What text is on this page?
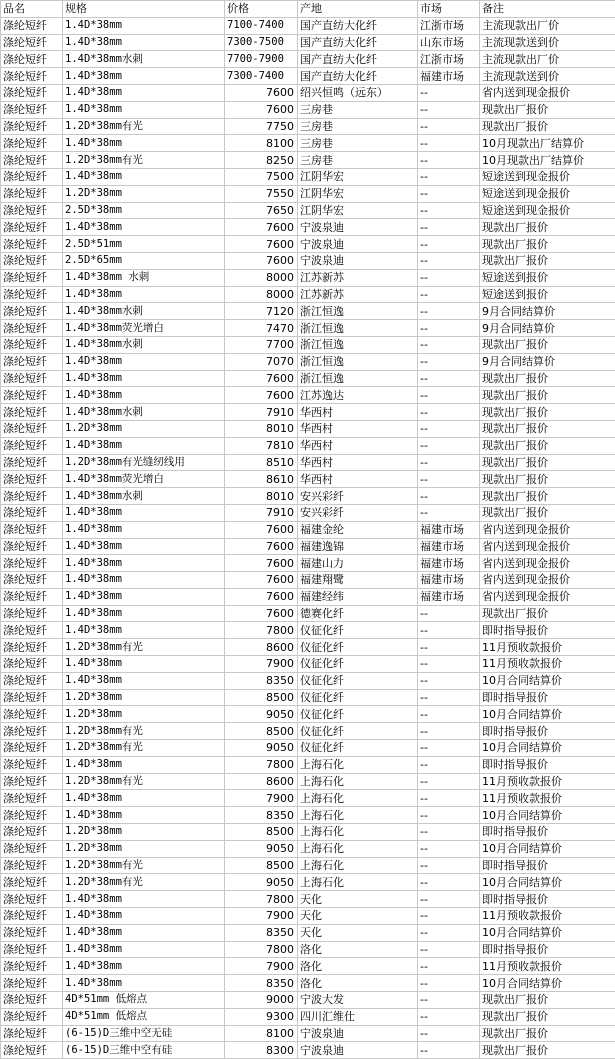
品名	规格	价格	产地	市场	备注
涤纶短纤	1.4D*38mm	7100-7400	国产直纺大化纤	江浙市场	主流现款出厂价
涤纶短纤	1.4D*38mm	7300-7500	国产直纺大化纤	山东市场	主流现款送到价
涤纶短纤	1.4D*38mm水刺	7700-7900	国产直纺大化纤	江浙市场	主流现款出厂价
涤纶短纤	1.4D*38mm	7300-7400	国产直纺大化纤	福建市场	主流现款送到价
涤纶短纤	1.4D*38mm	7600	绍兴恒鸣（远东）	--	省内送到现金报价
涤纶短纤	1.4D*38mm	7600	三房巷	--	现款出厂报价
涤纶短纤	1.2D*38mm有光	7750	三房巷	--	现款出厂报价
涤纶短纤	1.4D*38mm	8100	三房巷	--	10月现款出厂结算价
涤纶短纤	1.2D*38mm有光	8250	三房巷	--	10月现款出厂结算价
涤纶短纤	1.4D*38mm	7500	江阴华宏	--	短途送到现金报价
涤纶短纤	1.2D*38mm	7550	江阴华宏	--	短途送到现金报价
涤纶短纤	2.5D*38mm	7650	江阴华宏	--	短途送到现金报价
涤纶短纤	1.4D*38mm	7600	宁波泉迪	--	现款出厂报价
涤纶短纤	2.5D*51mm	7600	宁波泉迪	--	现款出厂报价
涤纶短纤	2.5D*65mm	7600	宁波泉迪	--	现款出厂报价
涤纶短纤	1.4D*38mm 水刺	8000	江苏新苏	--	短途送到报价
涤纶短纤	1.4D*38mm	8000	江苏新苏	--	短途送到报价
涤纶短纤	1.4D*38mm水刺	7120	浙江恒逸	--	9月合同结算价
涤纶短纤	1.4D*38mm荧光增白	7470	浙江恒逸	--	9月合同结算价
涤纶短纤	1.4D*38mm水刺	7700	浙江恒逸	--	现款出厂报价
涤纶短纤	1.4D*38mm	7070	浙江恒逸	--	9月合同结算价
涤纶短纤	1.4D*38mm	7600	浙江恒逸	--	现款出厂报价
涤纶短纤	1.4D*38mm	7600	江苏逸达	--	现款出厂报价
涤纶短纤	1.4D*38mm水刺	7910	华西村	--	现款出厂报价
涤纶短纤	1.2D*38mm	8010	华西村	--	现款出厂报价
涤纶短纤	1.4D*38mm	7810	华西村	--	现款出厂报价
涤纶短纤	1.2D*38mm有光缝纫线用	8510	华西村	--	现款出厂报价
涤纶短纤	1.4D*38mm荧光增白	8610	华西村	--	现款出厂报价
涤纶短纤	1.4D*38mm水刺	8010	安兴彩纤	--	现款出厂报价
涤纶短纤	1.4D*38mm	7910	安兴彩纤	--	现款出厂报价
涤纶短纤	1.4D*38mm	7600	福建金纶	福建市场	省内送到现金报价
涤纶短纤	1.4D*38mm	7600	福建逸锦	福建市场	省内送到现金报价
涤纶短纤	1.4D*38mm	7600	福建山力	福建市场	省内送到现金报价
涤纶短纤	1.4D*38mm	7600	福建翔鹭	福建市场	省内送到现金报价
涤纶短纤	1.4D*38mm	7600	福建经纬	福建市场	省内送到现金报价
涤纶短纤	1.4D*38mm	7600	德赛化纤	--	现款出厂报价
涤纶短纤	1.4D*38mm	7800	仪征化纤	--	即时指导报价
涤纶短纤	1.2D*38mm有光	8600	仪征化纤	--	11月预收款报价
涤纶短纤	1.4D*38mm	7900	仪征化纤	--	11月预收款报价
涤纶短纤	1.4D*38mm	8350	仪征化纤	--	10月合同结算价
涤纶短纤	1.2D*38mm	8500	仪征化纤	--	即时指导报价
涤纶短纤	1.2D*38mm	9050	仪征化纤	--	10月合同结算价
涤纶短纤	1.2D*38mm有光	8500	仪征化纤	--	即时指导报价
涤纶短纤	1.2D*38mm有光	9050	仪征化纤	--	10月合同结算价
涤纶短纤	1.4D*38mm	7800	上海石化	--	即时指导报价
涤纶短纤	1.2D*38mm有光	8600	上海石化	--	11月预收款报价
涤纶短纤	1.4D*38mm	7900	上海石化	--	11月预收款报价
涤纶短纤	1.4D*38mm	8350	上海石化	--	10月合同结算价
涤纶短纤	1.2D*38mm	8500	上海石化	--	即时指导报价
涤纶短纤	1.2D*38mm	9050	上海石化	--	10月合同结算价
涤纶短纤	1.2D*38mm有光	8500	上海石化	--	即时指导报价
涤纶短纤	1.2D*38mm有光	9050	上海石化	--	10月合同结算价
涤纶短纤	1.4D*38mm	7800	天化	--	即时指导报价
涤纶短纤	1.4D*38mm	7900	天化	--	11月预收款报价
涤纶短纤	1.4D*38mm	8350	天化	--	10月合同结算价
涤纶短纤	1.4D*38mm	7800	洛化	--	即时指导报价
涤纶短纤	1.4D*38mm	7900	洛化	--	11月预收款报价
涤纶短纤	1.4D*38mm	8350	洛化	--	10月合同结算价
涤纶短纤	4D*51mm 低熔点	9000	宁波大发	--	现款出厂报价
涤纶短纤	4D*51mm 低熔点	9300	四川汇维仕	--	现款出厂报价
涤纶短纤	(6-15)D三维中空无硅	8100	宁波泉迪	--	现款出厂报价
涤纶短纤	(6-15)D三维中空有硅	8300	宁波泉迪	--	现款出厂报价
